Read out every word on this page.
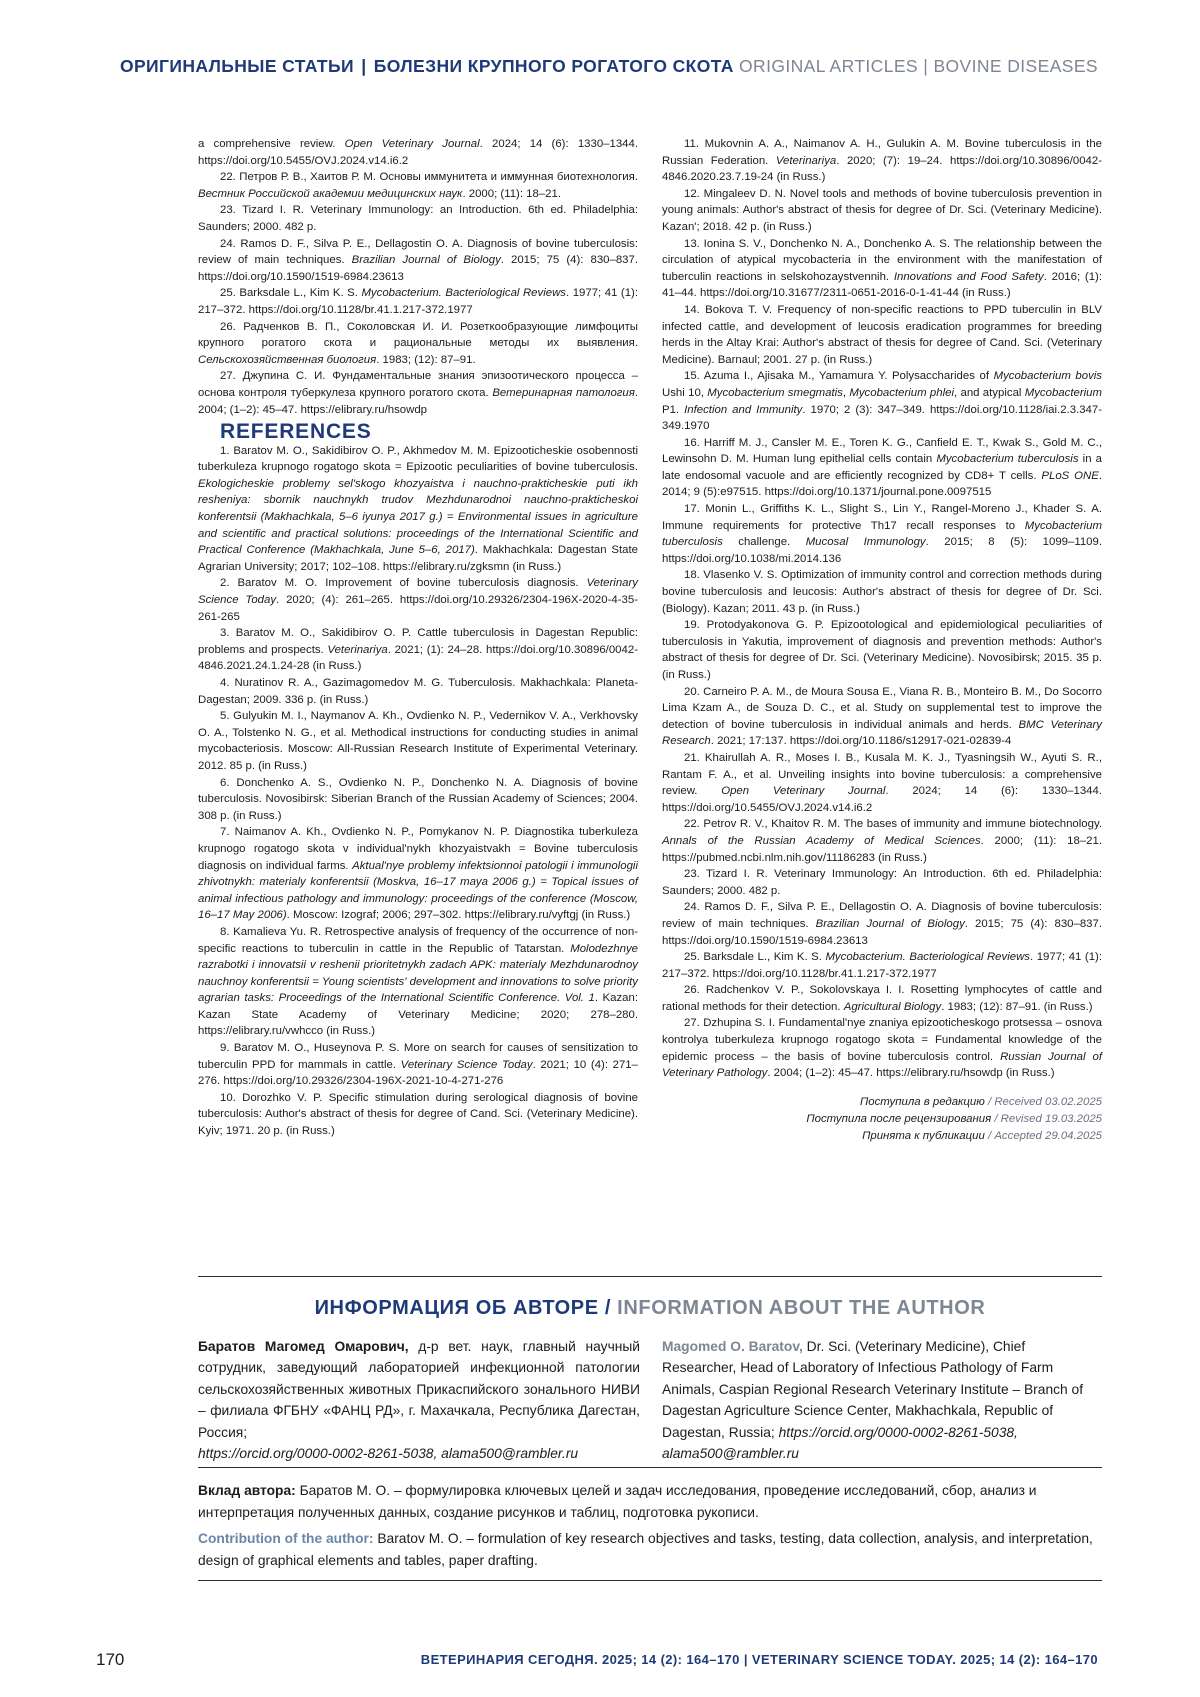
ОРИГИНАЛЬНЫЕ СТАТЬИ | БОЛЕЗНИ КРУПНОГО РОГАТОГО СКОТА ORIGINAL ARTICLES | BOVINE DISEASES

a comprehensive review. Open Veterinary Journal. 2024; 14 (6): 1330–1344. https://doi.org/10.5455/OVJ.2024.v14.i6.2

22. Петров Р. В., Хаитов Р. М. Основы иммунитета и иммунная биотехнология. Вестник Российской академии медицинских наук. 2000; (11): 18–21.

23. Tizard I. R. Veterinary Immunology: an Introduction. 6th ed. Philadelphia: Saunders; 2000. 482 p.

24. Ramos D. F., Silva P. E., Dellagostin O. A. Diagnosis of bovine tuberculosis: review of main techniques. Brazilian Journal of Biology. 2015; 75 (4): 830–837. https://doi.org/10.1590/1519-6984.23613

25. Barksdale L., Kim K. S. Mycobacterium. Bacteriological Reviews. 1977; 41 (1): 217–372. https://doi.org/10.1128/br.41.1.217-372.1977

26. Радченков В. П., Соколовская И. И. Розеткообразующие лимфоциты крупного рогатого скота и рациональные методы их выявления. Сельскохозяйственная биология. 1983; (12): 87–91.

27. Джупина С. И. Фундаментальные знания эпизоотического процесса – основа контроля туберкулеза крупного рогатого скота. Ветеринарная патология. 2004; (1–2): 45–47. https://elibrary.ru/hsowdp

REFERENCES

1. Baratov M. O., Sakidibirov O. P., Akhmedov M. M. Epizooticheskie osobennosti tuberkuleza krupnogo rogatogo skota = Epizootic peculiarities of bovine tuberculosis. Ekologicheskie problemy sel'skogo khozyaistva i nauchno-prakticheskie puti ikh resheniya: sbornik nauchnykh trudov Mezhdunarodnoi nauchno-prakticheskoi konferentsii (Makhachkala, 5–6 iyunya 2017 g.) = Environmental issues in agriculture and scientific and practical solutions: proceedings of the International Scientific and Practical Conference (Makhachkala, June 5–6, 2017). Makhachkala: Dagestan State Agrarian University; 2017; 102–108. https://elibrary.ru/zgksmn (in Russ.)

2. Baratov M. O. Improvement of bovine tuberculosis diagnosis. Veterinary Science Today. 2020; (4): 261–265. https://doi.org/10.29326/2304-196X-2020-4-35-261-265

3. Baratov M. O., Sakidibirov O. P. Cattle tuberculosis in Dagestan Republic: problems and prospects. Veterinariya. 2021; (1): 24–28. https://doi.org/10.30896/0042-4846.2021.24.1.24-28 (in Russ.)

4. Nuratinov R. A., Gazimagomedov M. G. Tuberculosis. Makhachkala: Planeta-Dagestan; 2009. 336 p. (in Russ.)

5. Gulyukin M. I., Naymanov A. Kh., Ovdienko N. P., Vedernikov V. A., Verkhovsky O. A., Tolstenko N. G., et al. Methodical instructions for conducting studies in animal mycobacteriosis. Moscow: All-Russian Research Institute of Experimental Veterinary. 2012. 85 p. (in Russ.)

6. Donchenko A. S., Ovdienko N. P., Donchenko N. A. Diagnosis of bovine tuberculosis. Novosibirsk: Siberian Branch of the Russian Academy of Sciences; 2004. 308 p. (in Russ.)

7. Naimanov A. Kh., Ovdienko N. P., Pomykanov N. P. Diagnostika tuberkuleza krupnogo rogatogo skota v individual'nykh khozyaistvakh = Bovine tuberculosis diagnosis on individual farms. Aktual'nye problemy infektsionnoi patologii i immunologii zhivotnykh: materialy konferentsii (Moskva, 16–17 maya 2006 g.) = Topical issues of animal infectious pathology and immunology: proceedings of the conference (Moscow, 16–17 May 2006). Moscow: Izograf; 2006; 297–302. https://elibrary.ru/vyftgj (in Russ.)

8. Kamalieva Yu. R. Retrospective analysis of frequency of the occurrence of non-specific reactions to tuberculin in cattle in the Republic of Tatarstan. Molodezhnye razrabotki i innovatsii v reshenii prioritetnykh zadach APK: materialy Mezhdunarodnoy nauchnoy konferentsii = Young scientists' development and innovations to solve priority agrarian tasks: Proceedings of the International Scientific Conference. Vol. 1. Kazan: Kazan State Academy of Veterinary Medicine; 2020; 278–280. https://elibrary.ru/vwhcco (in Russ.)

9. Baratov M. O., Huseynova P. S. More on search for causes of sensitization to tuberculin PPD for mammals in cattle. Veterinary Science Today. 2021; 10 (4): 271–276. https://doi.org/10.29326/2304-196X-2021-10-4-271-276

10. Dorozhko V. P. Specific stimulation during serological diagnosis of bovine tuberculosis: Author's abstract of thesis for degree of Cand. Sci. (Veterinary Medicine). Kyiv; 1971. 20 p. (in Russ.)

11. Mukovnin A. A., Naimanov A. H., Gulukin A. M. Bovine tuberculosis in the Russian Federation. Veterinariya. 2020; (7): 19–24. https://doi.org/10.30896/0042-4846.2020.23.7.19-24 (in Russ.)

12. Mingaleev D. N. Novel tools and methods of bovine tuberculosis prevention in young animals: Author's abstract of thesis for degree of Dr. Sci. (Veterinary Medicine). Kazan'; 2018. 42 p. (in Russ.)

13. Ionina S. V., Donchenko N. A., Donchenko A. S. The relationship between the circulation of atypical mycobacteria in the environment with the manifestation of tuberculin reactions in selskohozaystvennih. Innovations and Food Safety. 2016; (1): 41–44. https://doi.org/10.31677/2311-0651-2016-0-1-41-44 (in Russ.)

14. Bokova T. V. Frequency of non-specific reactions to PPD tuberculin in BLV infected cattle, and development of leucosis eradication programmes for breeding herds in the Altay Krai: Author's abstract of thesis for degree of Cand. Sci. (Veterinary Medicine). Barnaul; 2001. 27 p. (in Russ.)

15. Azuma I., Ajisaka M., Yamamura Y. Polysaccharides of Mycobacterium bovis Ushi 10, Mycobacterium smegmatis, Mycobacterium phlei, and atypical Mycobacterium P1. Infection and Immunity. 1970; 2 (3): 347–349. https://doi.org/10.1128/iai.2.3.347-349.1970

16. Harriff M. J., Cansler M. E., Toren K. G., Canfield E. T., Kwak S., Gold M. C., Lewinsohn D. M. Human lung epithelial cells contain Mycobacterium tuberculosis in a late endosomal vacuole and are efficiently recognized by CD8+ T cells. PLoS ONE. 2014; 9 (5):e97515. https://doi.org/10.1371/journal.pone.0097515

17. Monin L., Griffiths K. L., Slight S., Lin Y., Rangel-Moreno J., Khader S. A. Immune requirements for protective Th17 recall responses to Mycobacterium tuberculosis challenge. Mucosal Immunology. 2015; 8 (5): 1099–1109. https://doi.org/10.1038/mi.2014.136

18. Vlasenko V. S. Optimization of immunity control and correction methods during bovine tuberculosis and leucosis: Author's abstract of thesis for degree of Dr. Sci. (Biology). Kazan; 2011. 43 p. (in Russ.)

19. Protodyakonova G. P. Epizootological and epidemiological peculiarities of tuberculosis in Yakutia, improvement of diagnosis and prevention methods: Author's abstract of thesis for degree of Dr. Sci. (Veterinary Medicine). Novosibirsk; 2015. 35 p. (in Russ.)

20. Carneiro P. A. M., de Moura Sousa E., Viana R. B., Monteiro B. M., Do Socorro Lima Kzam A., de Souza D. C., et al. Study on supplemental test to improve the detection of bovine tuberculosis in individual animals and herds. BMC Veterinary Research. 2021; 17:137. https://doi.org/10.1186/s12917-021-02839-4

21. Khairullah A. R., Moses I. B., Kusala M. K. J., Tyasningsih W., Ayuti S. R., Rantam F. A., et al. Unveiling insights into bovine tuberculosis: a comprehensive review. Open Veterinary Journal. 2024; 14 (6): 1330–1344. https://doi.org/10.5455/OVJ.2024.v14.i6.2

22. Petrov R. V., Khaitov R. M. The bases of immunity and immune biotechnology. Annals of the Russian Academy of Medical Sciences. 2000; (11): 18–21. https://pubmed.ncbi.nlm.nih.gov/11186283 (in Russ.)

23. Tizard I. R. Veterinary Immunology: An Introduction. 6th ed. Philadelphia: Saunders; 2000. 482 p.

24. Ramos D. F., Silva P. E., Dellagostin O. A. Diagnosis of bovine tuberculosis: review of main techniques. Brazilian Journal of Biology. 2015; 75 (4): 830–837. https://doi.org/10.1590/1519-6984.23613

25. Barksdale L., Kim K. S. Mycobacterium. Bacteriological Reviews. 1977; 41 (1): 217–372. https://doi.org/10.1128/br.41.1.217-372.1977

26. Radchenkov V. P., Sokolovskaya I. I. Rosetting lymphocytes of cattle and rational methods for their detection. Agricultural Biology. 1983; (12): 87–91. (in Russ.)

27. Dzhupina S. I. Fundamental'nye znaniya epizooticheskogo protsessa – osnova kontrolya tuberkuleza krupnogo rogatogo skota = Fundamental knowledge of the epidemic process – the basis of bovine tuberculosis control. Russian Journal of Veterinary Pathology. 2004; (1–2): 45–47. https://elibrary.ru/hsowdp (in Russ.)

Поступила в редакцию / Received 03.02.2025
Поступила после рецензирования / Revised 19.03.2025
Принята к публикации / Accepted 29.04.2025
ИНФОРМАЦИЯ ОБ АВТОРЕ / INFORMATION ABOUT THE AUTHOR
Баратов Магомед Омарович, д-р вет. наук, главный научный сотрудник, заведующий лабораторией инфекционной патологии сельскохозяйственных животных Прикаспийского зонального НИВИ – филиала ФГБНУ «ФАНЦ РД», г. Махачкала, Республика Дагестан, Россия;
https://orcid.org/0000-0002-8261-5038, alama500@rambler.ru
Magomed O. Baratov, Dr. Sci. (Veterinary Medicine), Chief Researcher, Head of Laboratory of Infectious Pathology of Farm Animals, Caspian Regional Research Veterinary Institute – Branch of Dagestan Agriculture Science Center, Makhachkala, Republic of Dagestan, Russia; https://orcid.org/0000-0002-8261-5038, alama500@rambler.ru
Вклад автора: Баратов М. О. – формулировка ключевых целей и задач исследования, проведение исследований, сбор, анализ и интерпретация полученных данных, создание рисунков и таблиц, подготовка рукописи.
Contribution of the author: Baratov M. O. – formulation of key research objectives and tasks, testing, data collection, analysis, and interpretation, design of graphical elements and tables, paper drafting.
170	ВЕТЕРИНАРИЯ СЕГОДНЯ. 2025; 14 (2): 164–170 | VETERINARY SCIENCE TODAY. 2025; 14 (2): 164–170
